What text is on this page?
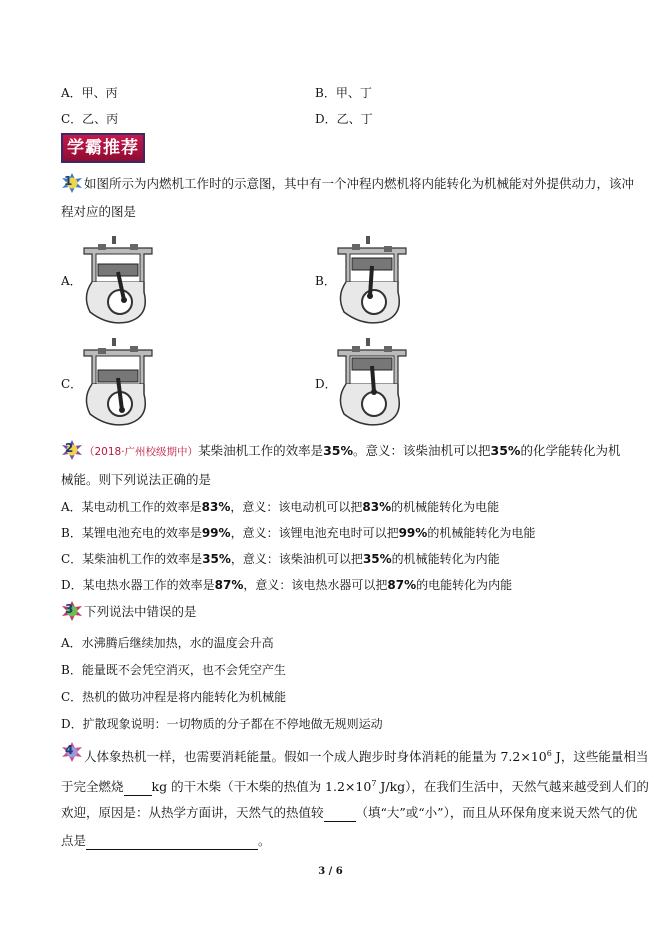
A．甲、丙	B．甲、丁
C．乙、丙	D．乙、丁
学霸推荐
1 如图所示为内燃机工作时的示意图，其中有一个冲程内燃机将内能转化为机械能对外提供动力，该冲
程对应的图是
A．	B．
C．	D．
2 （2018·广州校级期中）某柴油机工作的效率是35%。意义：该柴油机可以把35%的化学能转化为机
械能。则下列说法正确的是
A．某电动机工作的效率是83%，意义：该电动机可以把83%的机械能转化为电能
B．某锂电池充电的效率是99%，意义：该锂电池充电时可以把99%的机械能转化为电能
C．某柴油机工作的效率是35%，意义：该柴油机可以把35%的机械能转化为内能
D．某电热水器工作的效率是87%，意义：该电热水器可以把87%的电能转化为内能
3 下列说法中错误的是
A．水沸腾后继续加热，水的温度会升高
B．能量既不会凭空消灭，也不会凭空产生
C．热机的做功冲程是将内能转化为机械能
D．扩散现象说明：一切物质的分子都在不停地做无规则运动
4 人体象热机一样，也需要消耗能量。假如一个成人跑步时身体消耗的能量为 $7.2\times 10^6$ J，这些能量相当
于完全燃烧 kg 的干木柴（干木柴的热值为 $1.2\times 10^7$ J/kg），在我们生活中，天然气越来越受到人们的
欢迎，原因是：从热学方面讲，天然气的热值较	（填“大”或“小”），而且从环保角度来说天然气的优
点是	。
3 / 6
